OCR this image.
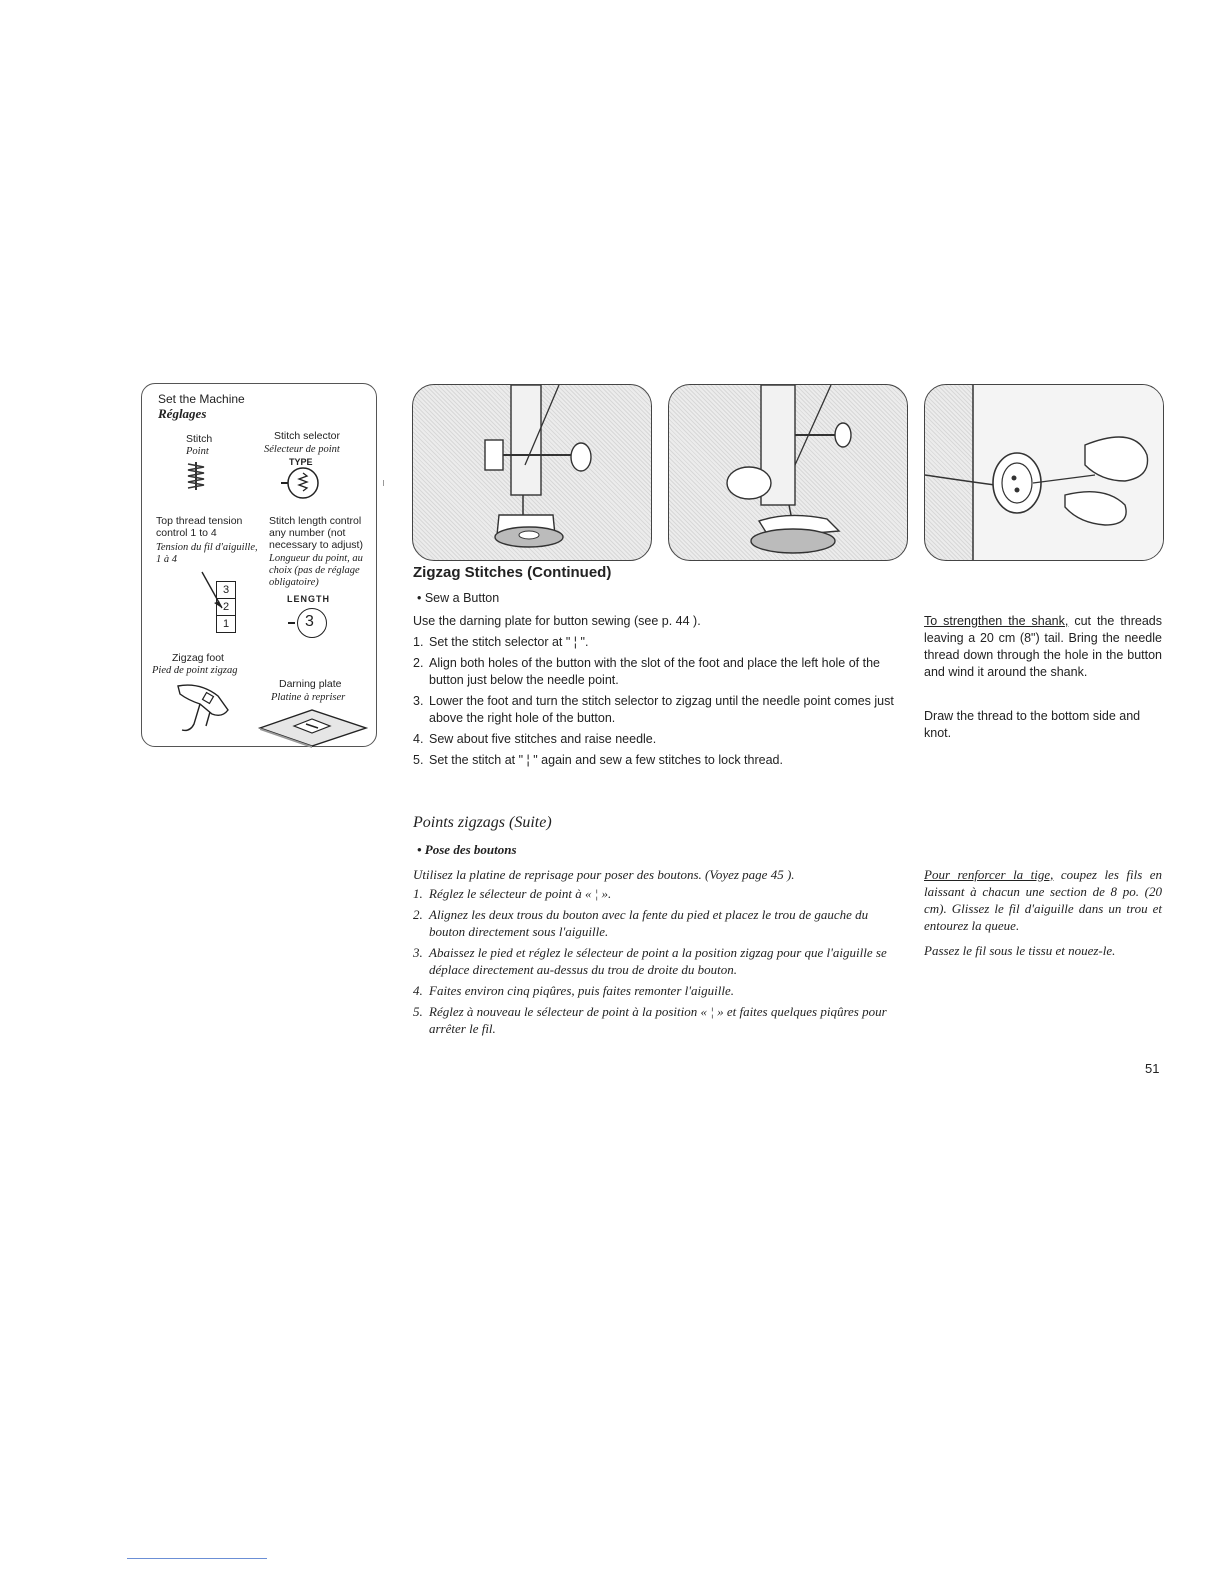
Set the Machine
Réglages
Stitch
Point
Stitch selector
Sélecteur de point
TYPE
Top thread tension control 1 to 4
Tension du fil d'aiguille, 1 à 4
3
2
1
Stitch length control any number (not necessary to adjust)
Longueur du point, au choix (pas de réglage obligatoire)
LENGTH
3
Zigzag foot
Pied de point zigzag
Darning plate
Platine à repriser
Zigzag Stitches (Continued)
• Sew a Button
Use the darning plate for button sewing (see p. 44 ).
1. Set the stitch selector at " ¦ ".
2. Align both holes of the button with the slot of the foot and place the left hole of the button just below the needle point.
3. Lower the foot and turn the stitch selector to zigzag until the needle point comes just above the right hole of the button.
4. Sew about five stitches and raise needle.
5. Set the stitch at " ¦ " again and sew a few stitches to lock thread.
To strengthen the shank, cut the threads leaving a 20 cm (8") tail. Bring the needle thread down through the hole in the button and wind it around the shank.
Draw the thread to the bottom side and knot.
Points zigzags (Suite)
• Pose des boutons
Utilisez la platine de reprisage pour poser des boutons. (Voyez page 45 ).
1. Réglez le sélecteur de point à « ¦ ».
2. Alignez les deux trous du bouton avec la fente du pied et placez le trou de gauche du bouton directement sous l'aiguille.
3. Abaissez le pied et réglez le sélecteur de point a la position zigzag pour que l'aiguille se déplace directement au-dessus du trou de droite du bouton.
4. Faites environ cinq piqûres, puis faites remonter l'aiguille.
5. Réglez à nouveau le sélecteur de point à la position « ¦ » et faites quelques piqûres pour arrêter le fil.
Pour renforcer la tige, coupez les fils en laissant à chacun une section de 8 po. (20 cm). Glissez le fil d'aiguille dans un trou et entourez la queue.
Passez le fil sous le tissu et nouez-le.
51
